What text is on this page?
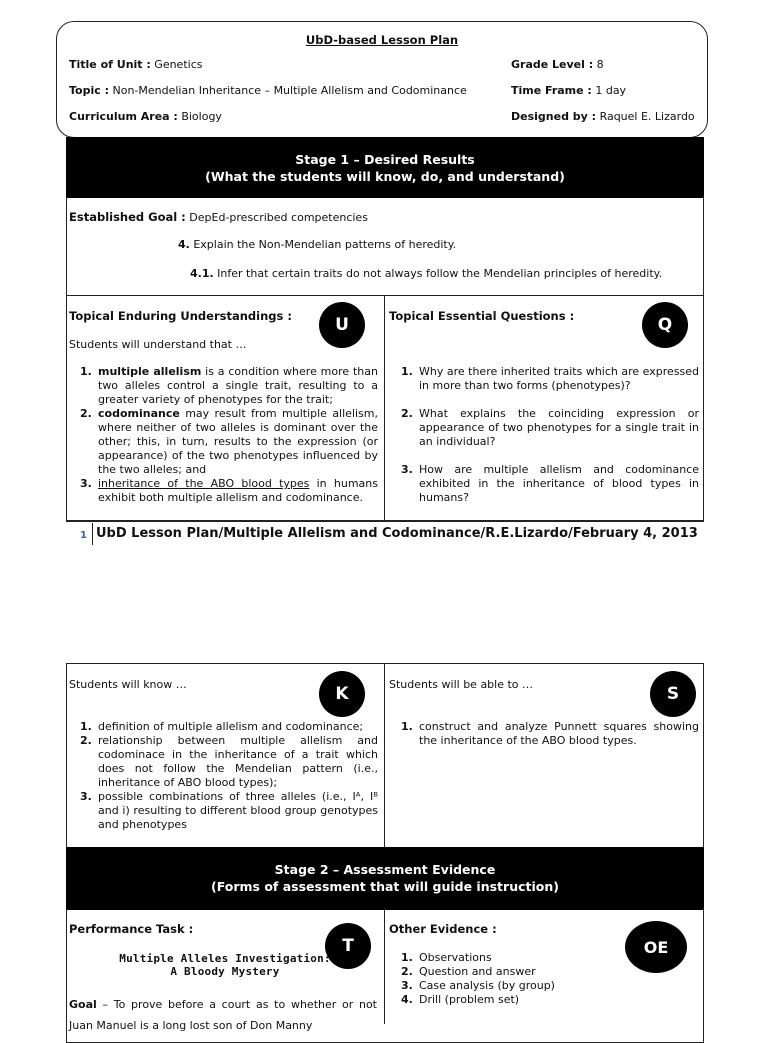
UbD-based Lesson Plan
Title of Unit : Genetics
Topic : Non-Mendelian Inheritance – Multiple Allelism and Codominance
Curriculum Area : Biology
Grade Level : 8
Time Frame : 1 day
Designed by : Raquel E. Lizardo
Stage 1 – Desired Results
(What the students will know, do, and understand)
Established Goal : DepEd-prescribed competencies
4. Explain the Non-Mendelian patterns of heredity.
4.1. Infer that certain traits do not always follow the Mendelian principles of heredity.
Topical Enduring Understandings :	U
Students will understand that …
1. multiple allelism is a condition where more than two alleles control a single trait, resulting to a greater variety of phenotypes for the trait;
2. codominance may result from multiple allelism, where neither of two alleles is dominant over the other; this, in turn, results to the expression (or appearance) of the two phenotypes influenced by the two alleles; and
3. inheritance of the ABO blood types in humans exhibit both multiple allelism and codominance.
Topical Essential Questions :	Q
1. Why are there inherited traits which are expressed in more than two forms (phenotypes)?
2. What explains the coinciding expression or appearance of two phenotypes for a single trait in an individual?
3. How are multiple allelism and codominance exhibited in the inheritance of blood types in humans?
1 UbD Lesson Plan/Multiple Allelism and Codominance/R.E.Lizardo/February 4, 2013
Students will know …	K
1. definition of multiple allelism and codominance;
2. relationship between multiple allelism and codominace in the inheritance of a trait which does not follow the Mendelian pattern (i.e., inheritance of ABO blood types);
3. possible combinations of three alleles (i.e., Iᴬ, Iᴮ and i) resulting to different blood group genotypes and phenotypes
Students will be able to …	S
1. construct and analyze Punnett squares showing the inheritance of the ABO blood types.
Stage 2 – Assessment Evidence
(Forms of assessment that will guide instruction)
Performance Task :
T
Multiple Alleles Investigation:
A Bloody Mystery
Goal – To prove before a court as to whether or not Juan Manuel is a long lost son of Don Manny
Other Evidence :
OE
1. Observations
2. Question and answer
3. Case analysis (by group)
4. Drill (problem set)
